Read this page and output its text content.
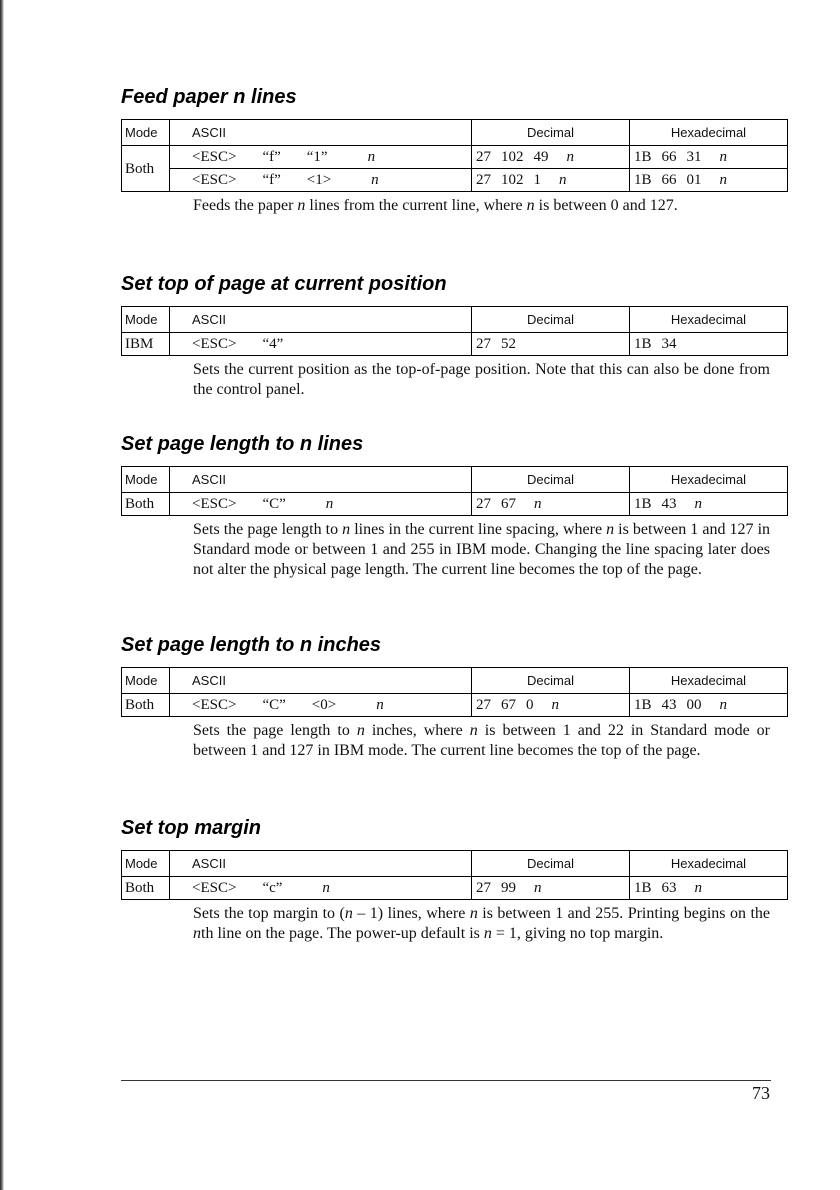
Feed paper n lines
Mode	ASCII	Decimal	Hexadecimal
Both	<ESC> “f” “1” n	27 102 49 n	1B 66 31 n
	<ESC> “f” <1> n	27 102 1 n	1B 66 01 n
Feeds the paper n lines from the current line, where n is between 0 and 127.
Set top of page at current position
Mode	ASCII	Decimal	Hexadecimal
IBM	<ESC> “4”	27 52	1B 34
Sets the current position as the top-of-page position. Note that this can also be done from the control panel.
Set page length to n lines
Mode	ASCII	Decimal	Hexadecimal
Both	<ESC> “C” n	27 67 n	1B 43 n
Sets the page length to n lines in the current line spacing, where n is between 1 and 127 in Standard mode or between 1 and 255 in IBM mode. Changing the line spacing later does not alter the physical page length. The current line becomes the top of the page.
Set page length to n inches
Mode	ASCII	Decimal	Hexadecimal
Both	<ESC> “C” <0> n	27 67 0 n	1B 43 00 n
Sets the page length to n inches, where n is between 1 and 22 in Standard mode or between 1 and 127 in IBM mode. The current line becomes the top of the page.
Set top margin
Mode	ASCII	Decimal	Hexadecimal
Both	<ESC> “c” n	27 99 n	1B 63 n
Sets the top margin to (n – 1) lines, where n is between 1 and 255. Printing begins on the nth line on the page. The power-up default is n = 1, giving no top margin.
73
